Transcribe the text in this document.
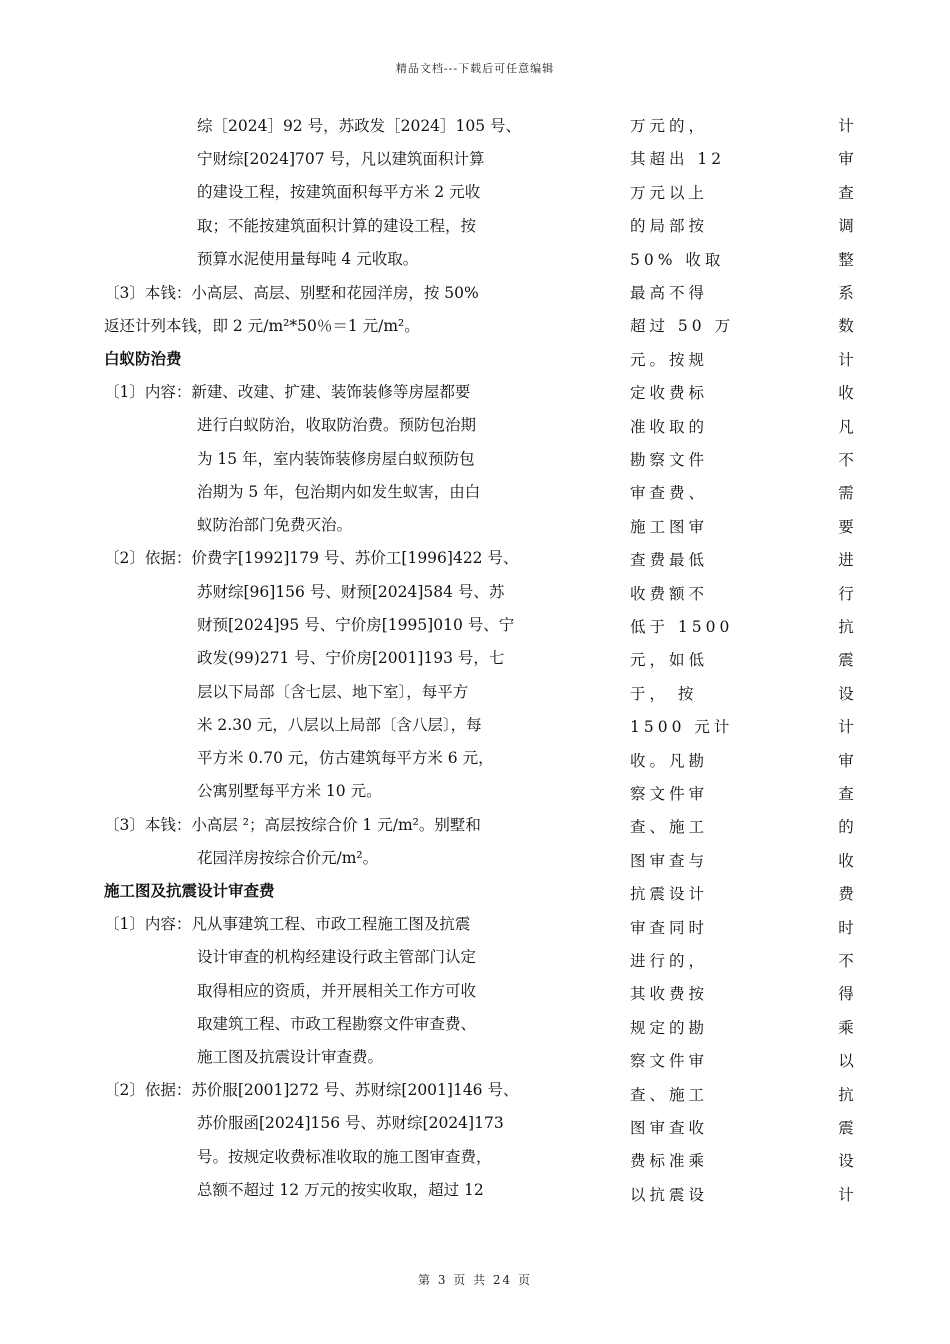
精品文档---下载后可任意编辑
综［2024］92 号，苏政发［2024］105 号、
宁财综[2024]707 号，凡以建筑面积计算
的建设工程，按建筑面积每平方米 2 元收
取；不能按建筑面积计算的建设工程，按
预算水泥使用量每吨 4 元收取。
〔3〕本钱：小高层、高层、别墅和花园洋房，按 50%
返还计列本钱，即 2 元/m²*50％＝1 元/m²。
白蚁防治费
〔1〕内容：新建、改建、扩建、装饰装修等房屋都要
进行白蚁防治，收取防治费。预防包治期
为 15 年，室内装饰装修房屋白蚁预防包
治期为 5 年，包治期内如发生蚁害，由白
蚁防治部门免费灭治。
〔2〕依据：价费字[1992]179 号、苏价工[1996]422 号、
苏财综[96]156 号、财预[2024]584 号、苏
财预[2024]95 号、宁价房[1995]010 号、宁
政发(99)271 号、宁价房[2001]193 号，七
层以下局部〔含七层、地下室〕，每平方
米 2.30 元，八层以上局部〔含八层〕，每
平方米 0.70 元，仿古建筑每平方米 6 元，
公寓别墅每平方米 10 元。
〔3〕本钱：小高层 ²；高层按综合价 1 元/m²。别墅和
花园洋房按综合价元/m²。
施工图及抗震设计审查费
〔1〕内容：凡从事建筑工程、市政工程施工图及抗震
设计审查的机构经建设行政主管部门认定
取得相应的资质，并开展相关工作方可收
取建筑工程、市政工程勘察文件审查费、
施工图及抗震设计审查费。
〔2〕依据：苏价服[2001]272 号、苏财综[2001]146 号、
苏价服函[2024]156 号、苏财综[2024]173
号。按规定收费标准收取的施工图审查费，
总额不超过 12 万元的按实收取，超过 12
万元的，
其超出 12
万元以上
的局部按
50% 收取
最高不得
超过 50 万
元。按规
定收费标
准收取的
勘察文件
审查费、
施工图审
查费最低
收费额不
低于 1500
元，如低
于， 按
1500 元计
收。凡勘
察文件审
查、施工
图审查与
抗震设计
审查同时
进行的，
其收费按
规定的勘
察文件审
查、施工
图审查收
费标准乘
以抗震设
计
审
查
调
整
系
数
计
收
凡
不
需
要
进
行
抗
震
设
计
审
查
的
收
费
时
不
得
乘
以
抗
震
设
计
第 3 页 共 24 页
